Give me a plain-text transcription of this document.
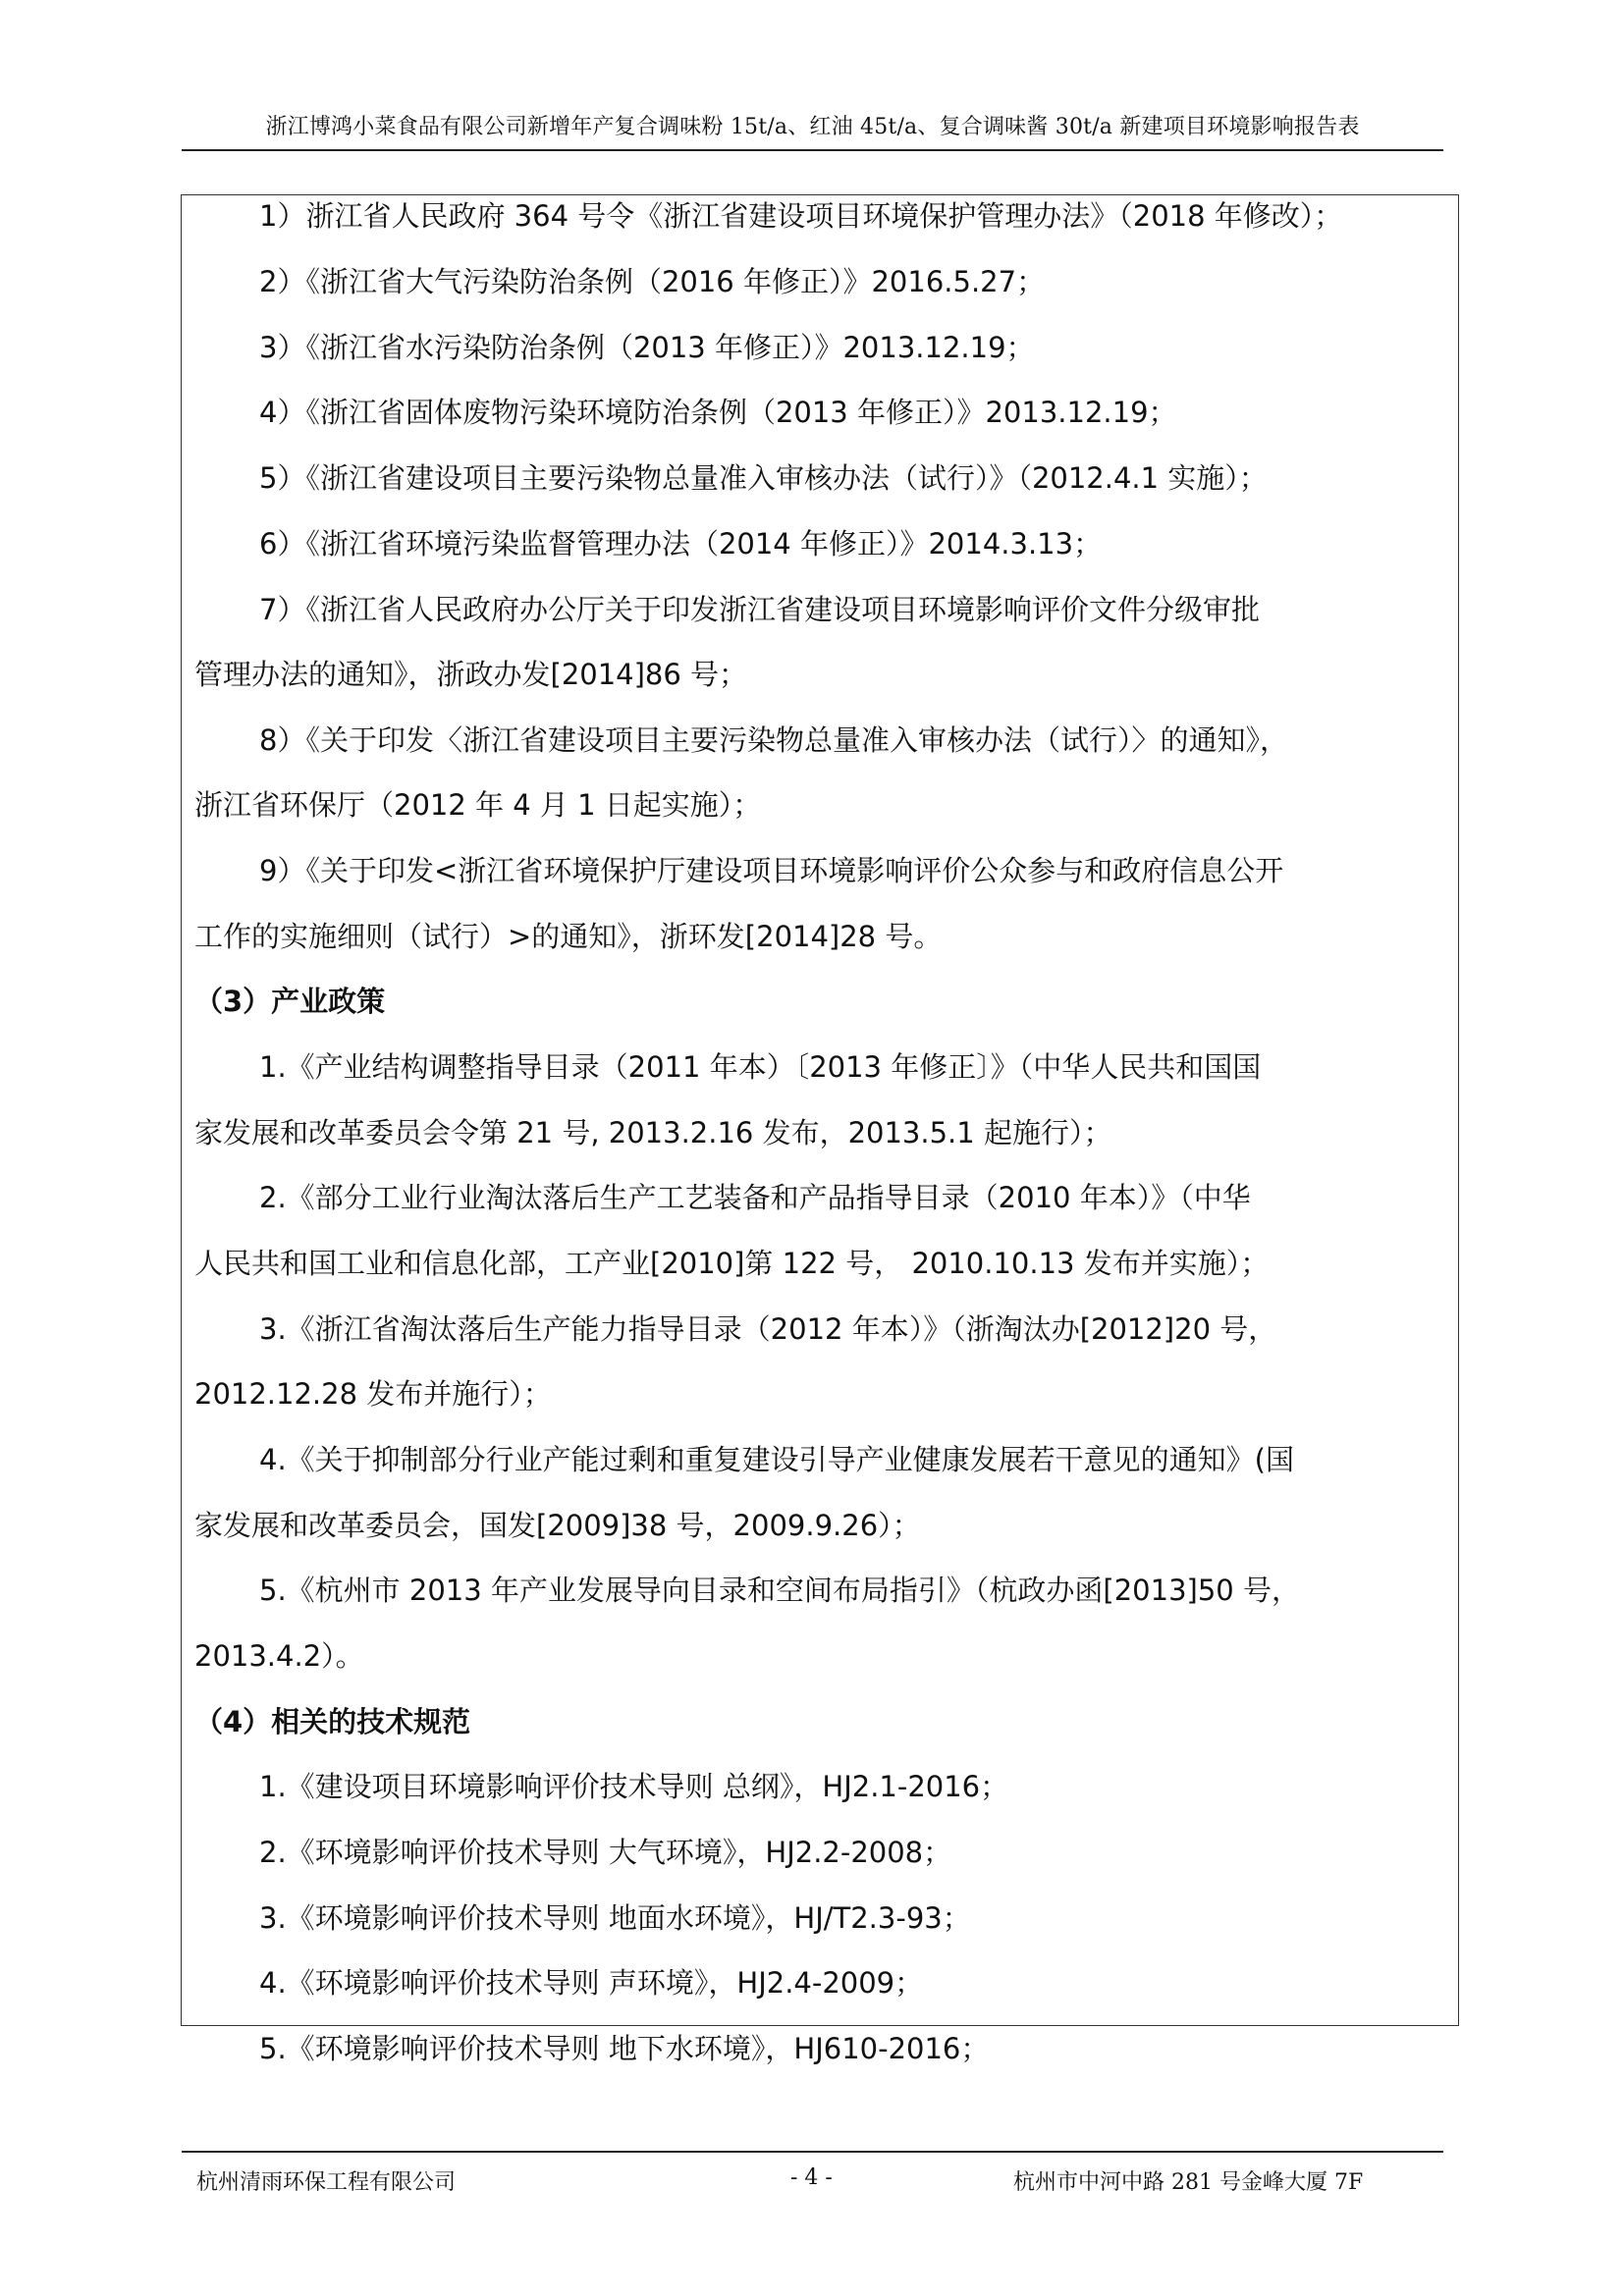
浙江博鸿小菜食品有限公司新增年产复合调味粉 15t/a、红油 45t/a、复合调味酱 30t/a 新建项目环境影响报告表
1）浙江省人民政府 364 号令《浙江省建设项目环境保护管理办法》（2018 年修改）；
2）《浙江省大气污染防治条例（2016 年修正）》2016.5.27；
3）《浙江省水污染防治条例（2013 年修正）》2013.12.19；
4）《浙江省固体废物污染环境防治条例（2013 年修正）》2013.12.19；
5）《浙江省建设项目主要污染物总量准入审核办法（试行）》（2012.4.1 实施）；
6）《浙江省环境污染监督管理办法（2014 年修正）》2014.3.13；
7）《浙江省人民政府办公厅关于印发浙江省建设项目环境影响评价文件分级审批
管理办法的通知》，浙政办发[2014]86 号；
8）《关于印发〈浙江省建设项目主要污染物总量准入审核办法（试行）〉的通知》，
浙江省环保厅（2012 年 4 月 1 日起实施）；
9）《关于印发<浙江省环境保护厅建设项目环境影响评价公众参与和政府信息公开
工作的实施细则（试行）>的通知》，浙环发[2014]28 号。
（3）产业政策
1.《产业结构调整指导目录（2011 年本）〔2013 年修正〕》（中华人民共和国国
家发展和改革委员会令第 21 号, 2013.2.16 发布，2013.5.1 起施行）；
2.《部分工业行业淘汰落后生产工艺装备和产品指导目录（2010 年本）》（中华
人民共和国工业和信息化部，工产业[2010]第 122 号， 2010.10.13 发布并实施）；
3.《浙江省淘汰落后生产能力指导目录（2012 年本）》（浙淘汰办[2012]20 号，
2012.12.28 发布并施行）；
4.《关于抑制部分行业产能过剩和重复建设引导产业健康发展若干意见的通知》(国
家发展和改革委员会，国发[2009]38 号，2009.9.26）；
5.《杭州市 2013 年产业发展导向目录和空间布局指引》（杭政办函[2013]50 号，
2013.4.2）。
（4）相关的技术规范
1.《建设项目环境影响评价技术导则 总纲》，HJ2.1-2016；
2.《环境影响评价技术导则 大气环境》，HJ2.2-2008；
3.《环境影响评价技术导则 地面水环境》，HJ/T2.3-93；
4.《环境影响评价技术导则 声环境》，HJ2.4-2009；
5.《环境影响评价技术导则 地下水环境》，HJ610-2016；
杭州清雨环保工程有限公司	- 4 -	杭州市中河中路 281 号金峰大厦 7F
